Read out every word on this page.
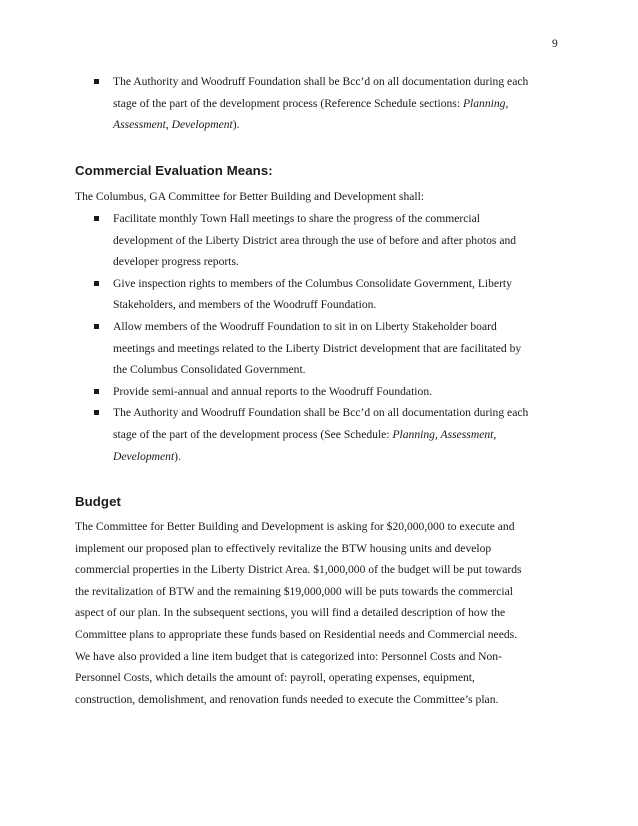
9
The Authority and Woodruff Foundation shall be Bcc’d on all documentation during each
stage of the part of the development process (Reference Schedule sections: Planning,
Assessment, Development).
Commercial Evaluation Means:
The Columbus, GA Committee for Better Building and Development shall:
Facilitate monthly Town Hall meetings to share the progress of the commercial
development of the Liberty District area through the use of before and after photos and
developer progress reports.
Give inspection rights to members of the Columbus Consolidate Government, Liberty
Stakeholders, and members of the Woodruff Foundation.
Allow members of the Woodruff Foundation to sit in on Liberty Stakeholder board
meetings and meetings related to the Liberty District development that are facilitated by
the Columbus Consolidated Government.
Provide semi-annual and annual reports to the Woodruff Foundation.
The Authority and Woodruff Foundation shall be Bcc’d on all documentation during each
stage of the part of the development process (See Schedule: Planning, Assessment,
Development).
Budget
The Committee for Better Building and Development is asking for $20,000,000 to execute and
implement our proposed plan to effectively revitalize the BTW housing units and develop
commercial properties in the Liberty District Area. $1,000,000 of the budget will be put towards
the revitalization of BTW and the remaining $19,000,000 will be puts towards the commercial
aspect of our plan. In the subsequent sections, you will find a detailed description of how the
Committee plans to appropriate these funds based on Residential needs and Commercial needs.
We have also provided a line item budget that is categorized into: Personnel Costs and Non-
Personnel Costs, which details the amount of: payroll, operating expenses, equipment,
construction, demolishment, and renovation funds needed to execute the Committee’s plan.
